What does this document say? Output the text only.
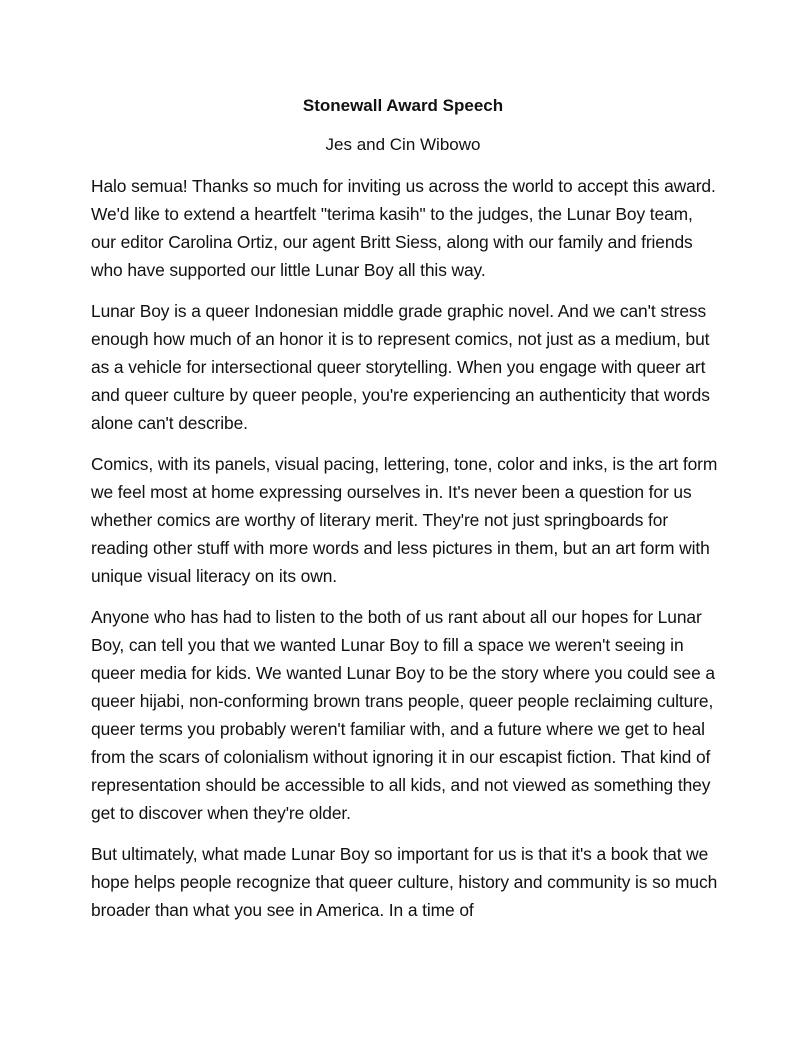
Stonewall Award Speech
Jes and Cin Wibowo

Halo semua! Thanks so much for inviting us across the world to accept this award. We'd like to extend a heartfelt "terima kasih" to the judges, the Lunar Boy team, our editor Carolina Ortiz, our agent Britt Siess, along with our family and friends who have supported our little Lunar Boy all this way.

Lunar Boy is a queer Indonesian middle grade graphic novel. And we can't stress enough how much of an honor it is to represent comics, not just as a medium, but as a vehicle for intersectional queer storytelling. When you engage with queer art and queer culture by queer people, you're experiencing an authenticity that words alone can't describe.

Comics, with its panels, visual pacing, lettering, tone, color and inks, is the art form we feel most at home expressing ourselves in. It's never been a question for us whether comics are worthy of literary merit. They're not just springboards for reading other stuff with more words and less pictures in them, but an art form with unique visual literacy on its own.

Anyone who has had to listen to the both of us rant about all our hopes for Lunar Boy, can tell you that we wanted Lunar Boy to fill a space we weren't seeing in queer media for kids. We wanted Lunar Boy to be the story where you could see a queer hijabi, non-conforming brown trans people, queer people reclaiming culture, queer terms you probably weren't familiar with, and a future where we get to heal from the scars of colonialism without ignoring it in our escapist fiction. That kind of representation should be accessible to all kids, and not viewed as something they get to discover when they're older.

But ultimately, what made Lunar Boy so important for us is that it's a book that we hope helps people recognize that queer culture, history and community is so much broader than what you see in America. In a time of
